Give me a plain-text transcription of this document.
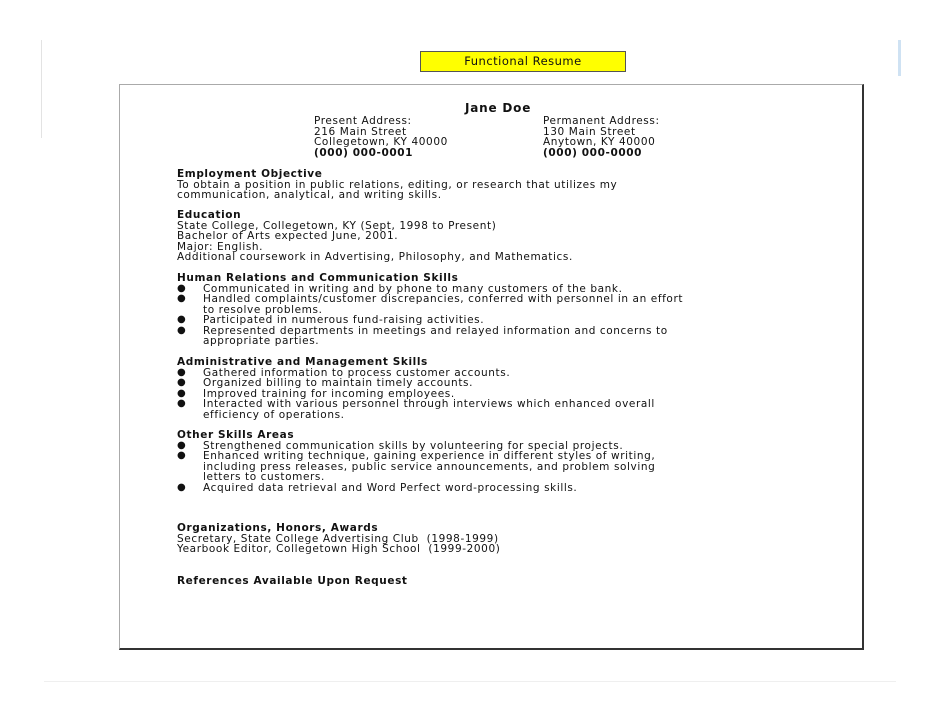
Functional Resume
Jane Doe
Present Address:
216 Main Street
Collegetown, KY 40000
(000) 000-0001
Permanent Address:
130 Main Street
Anytown, KY 40000
(000) 000-0000
Employment Objective
To obtain a position in public relations, editing, or research that utilizes my
communication, analytical, and writing skills.
Education
State College, Collegetown, KY (Sept, 1998 to Present)
Bachelor of Arts expected June, 2001.
Major: English.
Additional coursework in Advertising, Philosophy, and Mathematics.
Human Relations and Communication Skills
● Communicated in writing and by phone to many customers of the bank.
● Handled complaints/customer discrepancies, conferred with personnel in an effort
to resolve problems.
● Participated in numerous fund-raising activities.
● Represented departments in meetings and relayed information and concerns to
appropriate parties.
Administrative and Management Skills
● Gathered information to process customer accounts.
● Organized billing to maintain timely accounts.
● Improved training for incoming employees.
● Interacted with various personnel through interviews which enhanced overall
efficiency of operations.
Other Skills Areas
● Strengthened communication skills by volunteering for special projects.
● Enhanced writing technique, gaining experience in different styles of writing,
including press releases, public service announcements, and problem solving
letters to customers.
● Acquired data retrieval and Word Perfect word-processing skills.
Organizations, Honors, Awards
Secretary, State College Advertising Club  (1998-1999)
Yearbook Editor, Collegetown High School  (1999-2000)
References Available Upon Request
